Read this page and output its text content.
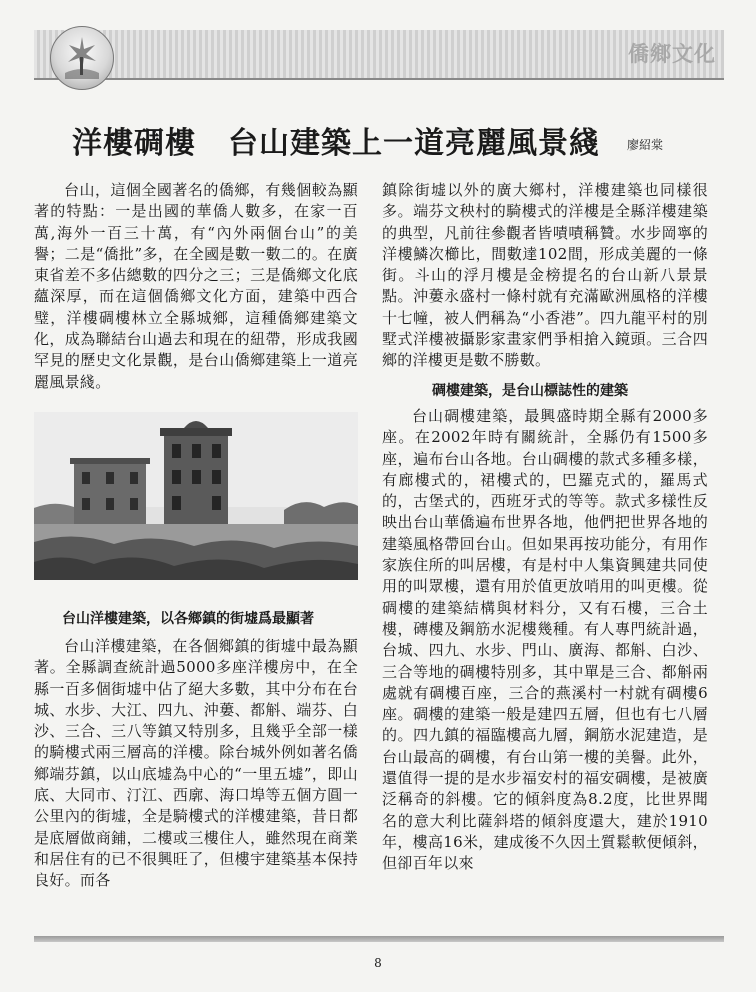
僑鄉文化
洋樓碉樓 台山建築上一道亮麗風景綫	廖紹棠

台山，這個全國著名的僑鄉，有幾個較為顯著的特點：一是出國的華僑人數多，在家一百萬,海外一百三十萬，有“內外兩個台山”的美譽；二是“僑批”多，在全國是數一數二的。在廣東省差不多佔總數的四分之三；三是僑鄉文化底蘊深厚，而在這個僑鄉文化方面，建築中西合璧，洋樓碉樓林立全縣城鄉，這種僑鄉建築文化，成為聯結台山過去和現在的紐帶，形成我國罕見的歷史文化景觀，是台山僑鄉建築上一道亮麗風景綫。

台山洋樓建築，以各鄉鎮的街墟爲最顯著

台山洋樓建築，在各個鄉鎮的街墟中最為顯著。全縣調查統計過5000多座洋樓房中，在全縣一百多個街墟中佔了絕大多數，其中分布在台城、水步、大江、四九、沖蔞、都斛、端芬、白沙、三合、三八等鎮又特別多，且幾乎全部一樣的騎樓式兩三層高的洋樓。除台城外例如著名僑鄉端芬鎮，以山底墟為中心的“一里五墟”，即山底、大同市、汀江、西廓、海口埠等五個方圓一公里內的街墟，全是騎樓式的洋樓建築，昔日都是底層做商鋪，二樓或三樓住人，雖然現在商業和居住有的已不很興旺了，但樓宇建築基本保持良好。而各

鎮除街墟以外的廣大鄉村，洋樓建築也同樣很多。端芬文秧村的騎樓式的洋樓是全縣洋樓建築的典型，凡前往參觀者皆嘖嘖稱贊。水步岡寧的洋樓鱗次櫛比，間數達102間，形成美麗的一條街。斗山的浮月樓是金榜提名的台山新八景景點。沖蔞永盛村一條村就有充滿歐洲風格的洋樓十七幢，被人們稱為“小香港”。四九龍平村的別墅式洋樓被攝影家畫家們爭相搶入鏡頭。三合四鄉的洋樓更是數不勝數。

碉樓建築，是台山標誌性的建築

台山碉樓建築，最興盛時期全縣有2000多座。在2002年時有關統計，全縣仍有1500多座，遍布台山各地。台山碉樓的款式多種多樣，有廊樓式的，裙樓式的，巴羅克式的，羅馬式的，古堡式的，西班牙式的等等。款式多樣性反映出台山華僑遍布世界各地，他們把世界各地的建築風格帶回台山。但如果再按功能分，有用作家族住所的叫居樓，有是村中人集資興建共同使用的叫眾樓，還有用於值更放哨用的叫更樓。從碉樓的建築結構與材料分，又有石樓，三合土樓，磚樓及鋼筋水泥樓幾種。有人專門統計過，台城、四九、水步、門山、廣海、都斛、白沙、三合等地的碉樓特別多，其中單是三合、都斛兩處就有碉樓百座，三合的燕溪村一村就有碉樓6座。碉樓的建築一般是建四五層，但也有七八層的。四九鎮的福臨樓高九層，鋼筋水泥建造，是台山最高的碉樓，有台山第一樓的美譽。此外，還值得一提的是水步福安村的福安碉樓，是被廣泛稱奇的斜樓。它的傾斜度為8.2度，比世界聞名的意大利比薩斜塔的傾斜度還大，建於1910年，樓高16米，建成後不久因土質鬆軟便傾斜，但卻百年以來

8
